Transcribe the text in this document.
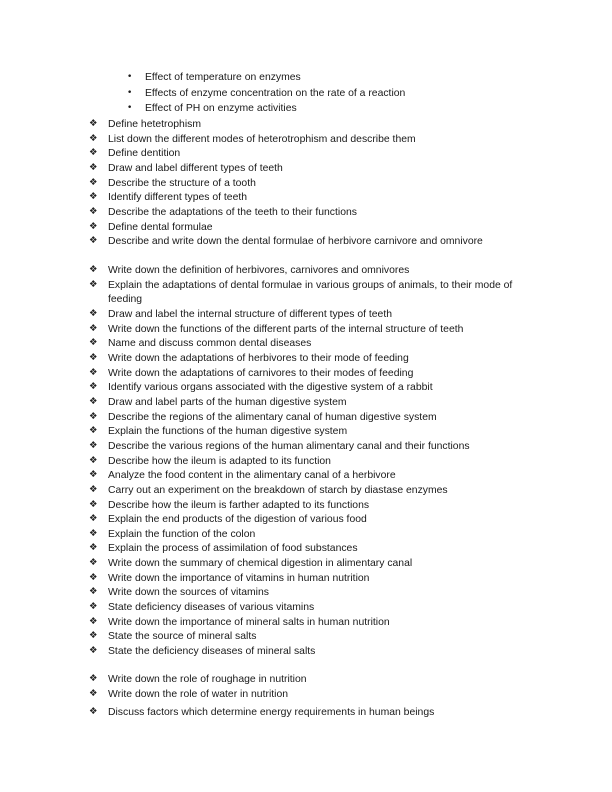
• Effect of temperature on enzymes
• Effects of enzyme concentration on the rate of a reaction
• Effect of PH on enzyme activities
❖ Define hetetrophism
❖ List down the different modes of heterotrophism and describe them
❖ Define dentition
❖ Draw and label different types of teeth
❖ Describe the structure of a tooth
❖ Identify different types of teeth
❖ Describe the adaptations of the teeth to their functions
❖ Define dental formulae
❖ Describe and write down the dental formulae of herbivore carnivore and omnivore
❖ Write down the definition of herbivores, carnivores and omnivores
❖ Explain the adaptations of dental formulae in various groups of animals, to their mode of feeding
❖ Draw and label the internal structure of different types of teeth
❖ Write down the functions of the different parts of the internal structure of teeth
❖ Name and discuss common dental diseases
❖ Write down the adaptations of herbivores to their mode of feeding
❖ Write down the adaptations of carnivores to their modes of feeding
❖ Identify various organs associated with the digestive system of a rabbit
❖ Draw and label parts of the human digestive system
❖ Describe the regions of the alimentary canal of human digestive system
❖ Explain the functions of the human digestive system
❖ Describe the various regions of the human alimentary canal and their functions
❖ Describe how the ileum is adapted to its function
❖ Analyze the food content in the alimentary canal of a herbivore
❖ Carry out an experiment on the breakdown of starch by diastase enzymes
❖ Describe how the ileum is farther adapted to its functions
❖ Explain the end products of the digestion of various food
❖ Explain the function of the colon
❖ Explain the process of assimilation of food substances
❖ Write down the summary of chemical digestion in alimentary canal
❖ Write down the importance of vitamins in human nutrition
❖ Write down the sources of vitamins
❖ State deficiency diseases of various vitamins
❖ Write down the importance of mineral salts in human nutrition
❖ State the source of mineral salts
❖ State the deficiency diseases of mineral salts
❖ Write down the role of roughage in nutrition
❖ Write down the role of water in nutrition
❖ Discuss factors which determine energy requirements in human beings
